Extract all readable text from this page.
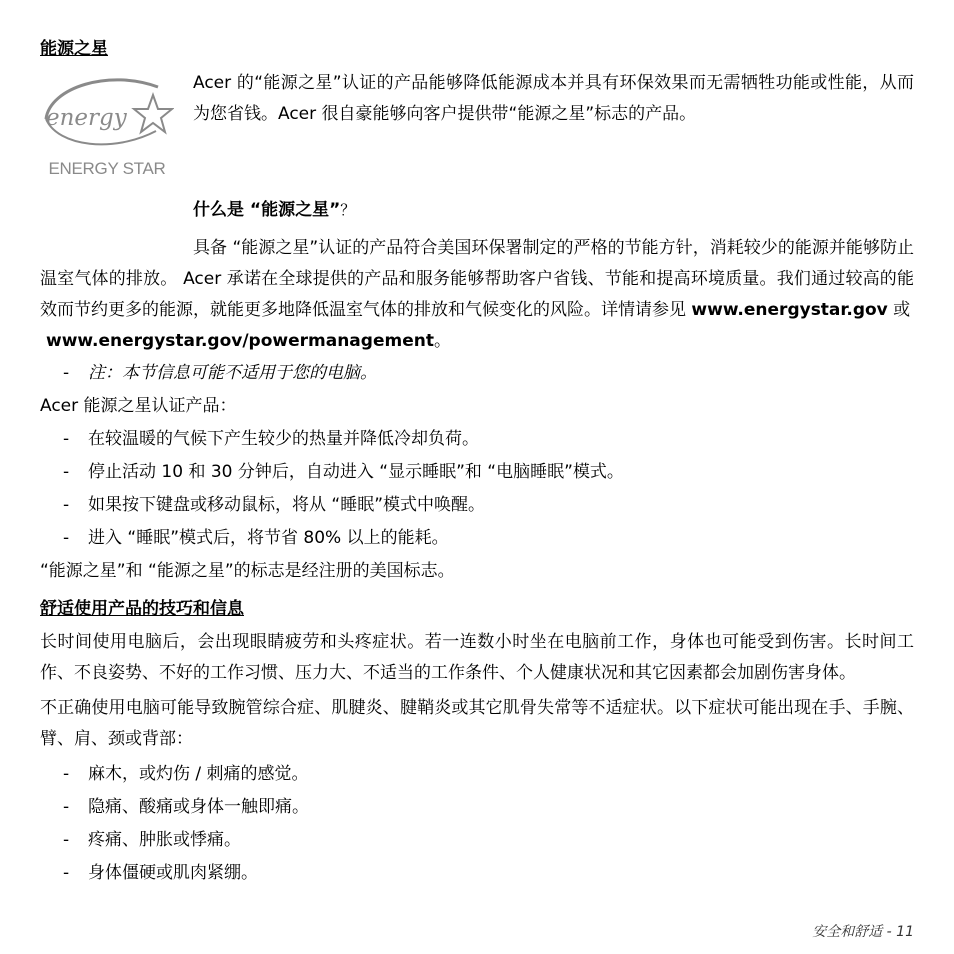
能源之星

energy
ENERGY STAR

Acer 的“能源之星”认证的产品能够降低能源成本并具有环保效果而无需牺牲功能或性能，从而为您省钱。Acer 很自豪能够向客户提供带“能源之星”标志的产品。

什么是 “能源之星”？

具备 “能源之星”认证的产品符合美国环保署制定的严格的节能方针，消耗较少的能源并能够防止温室气体的排放。 Acer 承诺在全球提供的产品和服务能够帮助客户省钱、节能和提高环境质量。我们通过较高的能效而节约更多的能源，就能更多地降低温室气体的排放和气候变化的风险。详情请参见 www.energystar.gov 或

www.energystar.gov/powermanagement。

- 注：本节信息可能不适用于您的电脑。

Acer 能源之星认证产品：

- 在较温暖的气候下产生较少的热量并降低冷却负荷。
- 停止活动 10 和 30 分钟后，自动进入 “显示睡眠”和 “电脑睡眠”模式。
- 如果按下键盘或移动鼠标，将从 “睡眠”模式中唤醒。
- 进入 “睡眠”模式后，将节省 80% 以上的能耗。

“能源之星”和 “能源之星”的标志是经注册的美国标志。

舒适使用产品的技巧和信息

长时间使用电脑后，会出现眼睛疲劳和头疼症状。若一连数小时坐在电脑前工作，身体也可能受到伤害。长时间工作、不良姿势、不好的工作习惯、压力大、不适当的工作条件、个人健康状况和其它因素都会加剧伤害身体。

不正确使用电脑可能导致腕管综合症、肌腱炎、腱鞘炎或其它肌骨失常等不适症状。以下症状可能出现在手、手腕、臂、肩、颈或背部：

- 麻木，或灼伤 / 刺痛的感觉。
- 隐痛、酸痛或身体一触即痛。
- 疼痛、肿胀或悸痛。
- 身体僵硬或肌肉紧绷。
安全和舒适 - 11
